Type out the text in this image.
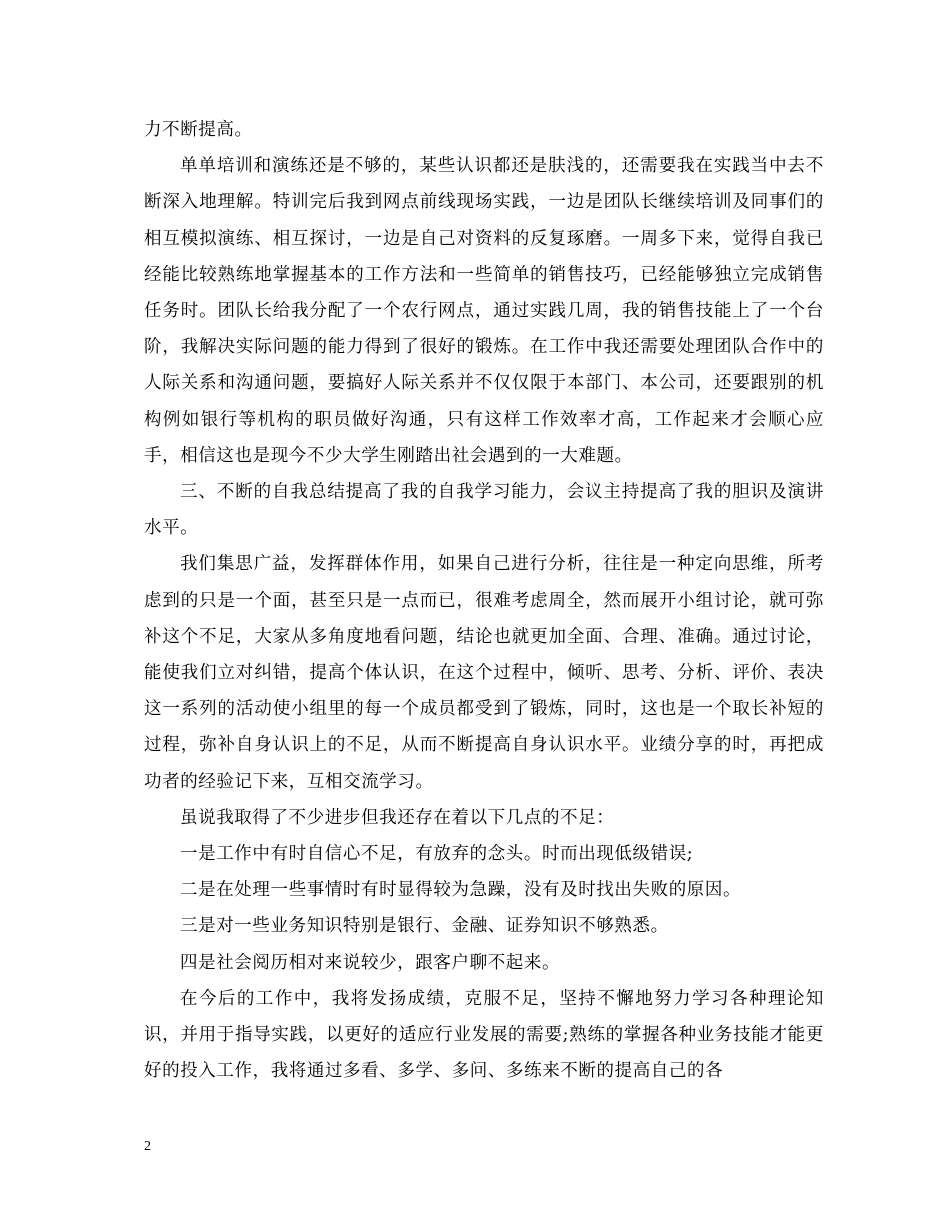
力不断提高。

单单培训和演练还是不够的，某些认识都还是肤浅的，还需要我在实践当中去不断深入地理解。特训完后我到网点前线现场实践，一边是团队长继续培训及同事们的相互模拟演练、相互探讨，一边是自己对资料的反复琢磨。一周多下来，觉得自我已经能比较熟练地掌握基本的工作方法和一些简单的销售技巧，已经能够独立完成销售任务时。团队长给我分配了一个农行网点，通过实践几周，我的销售技能上了一个台阶，我解决实际问题的能力得到了很好的锻炼。在工作中我还需要处理团队合作中的人际关系和沟通问题，要搞好人际关系并不仅仅限于本部门、本公司，还要跟别的机构例如银行等机构的职员做好沟通，只有这样工作效率才高，工作起来才会顺心应手，相信这也是现今不少大学生刚踏出社会遇到的一大难题。

三、不断的自我总结提高了我的自我学习能力，会议主持提高了我的胆识及演讲水平。

我们集思广益，发挥群体作用，如果自己进行分析，往往是一种定向思维，所考虑到的只是一个面，甚至只是一点而已，很难考虑周全，然而展开小组讨论，就可弥补这个不足，大家从多角度地看问题，结论也就更加全面、合理、准确。通过讨论，能使我们立对纠错，提高个体认识，在这个过程中，倾听、思考、分析、评价、表决这一系列的活动使小组里的每一个成员都受到了锻炼，同时，这也是一个取长补短的过程，弥补自身认识上的不足，从而不断提高自身认识水平。业绩分享的时，再把成功者的经验记下来，互相交流学习。

虽说我取得了不少进步但我还存在着以下几点的不足：

一是工作中有时自信心不足，有放弃的念头。时而出现低级错误;

二是在处理一些事情时有时显得较为急躁，没有及时找出失败的原因。

三是对一些业务知识特别是银行、金融、证券知识不够熟悉。

四是社会阅历相对来说较少，跟客户聊不起来。

在今后的工作中，我将发扬成绩，克服不足，坚持不懈地努力学习各种理论知识，并用于指导实践，以更好的适应行业发展的需要;熟练的掌握各种业务技能才能更好的投入工作，我将通过多看、多学、多问、多练来不断的提高自己的各

2
